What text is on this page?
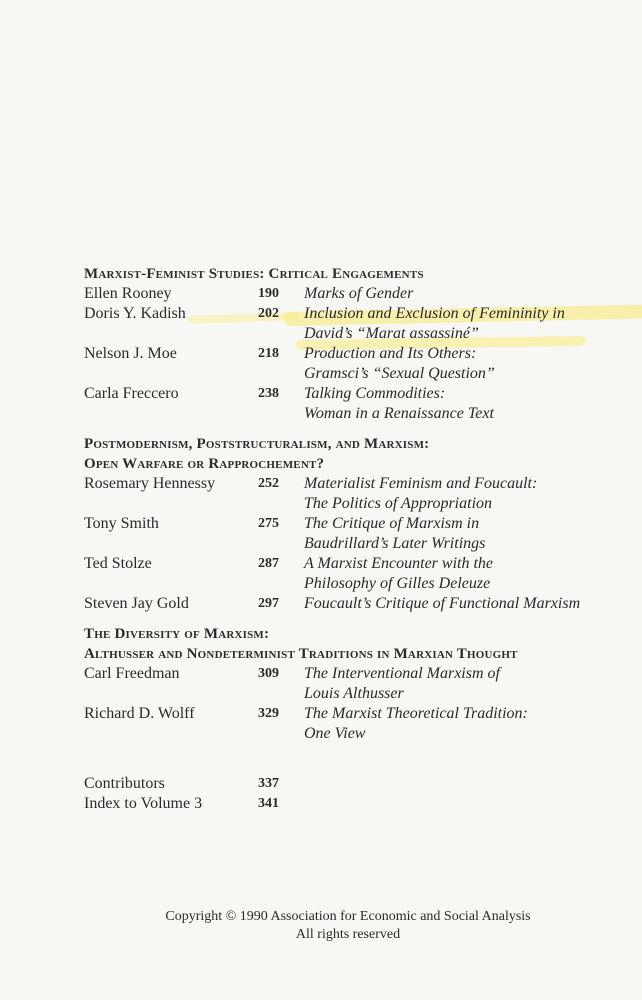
Marxist-Feminist Studies: Critical Engagements
Ellen Rooney	190	Marks of Gender
Doris Y. Kadish	202	Inclusion and Exclusion of Femininity in
David’s “Marat assassiné”
Nelson J. Moe	218	Production and Its Others:
Gramsci’s “Sexual Question”
Carla Freccero	238	Talking Commodities:
Woman in a Renaissance Text
Postmodernism, Poststructuralism, and Marxism:
Open Warfare or Rapprochement?
Rosemary Hennessy	252	Materialist Feminism and Foucault:
The Politics of Appropriation
Tony Smith	275	The Critique of Marxism in
Baudrillard’s Later Writings
Ted Stolze	287	A Marxist Encounter with the
Philosophy of Gilles Deleuze
Steven Jay Gold	297	Foucault’s Critique of Functional Marxism
The Diversity of Marxism:
Althusser and Nondeterminist Traditions in Marxian Thought
Carl Freedman	309	The Interventional Marxism of
Louis Althusser
Richard D. Wolff	329	The Marxist Theoretical Tradition:
One View
Contributors	337
Index to Volume 3	341
Copyright © 1990 Association for Economic and Social Analysis
All rights reserved
